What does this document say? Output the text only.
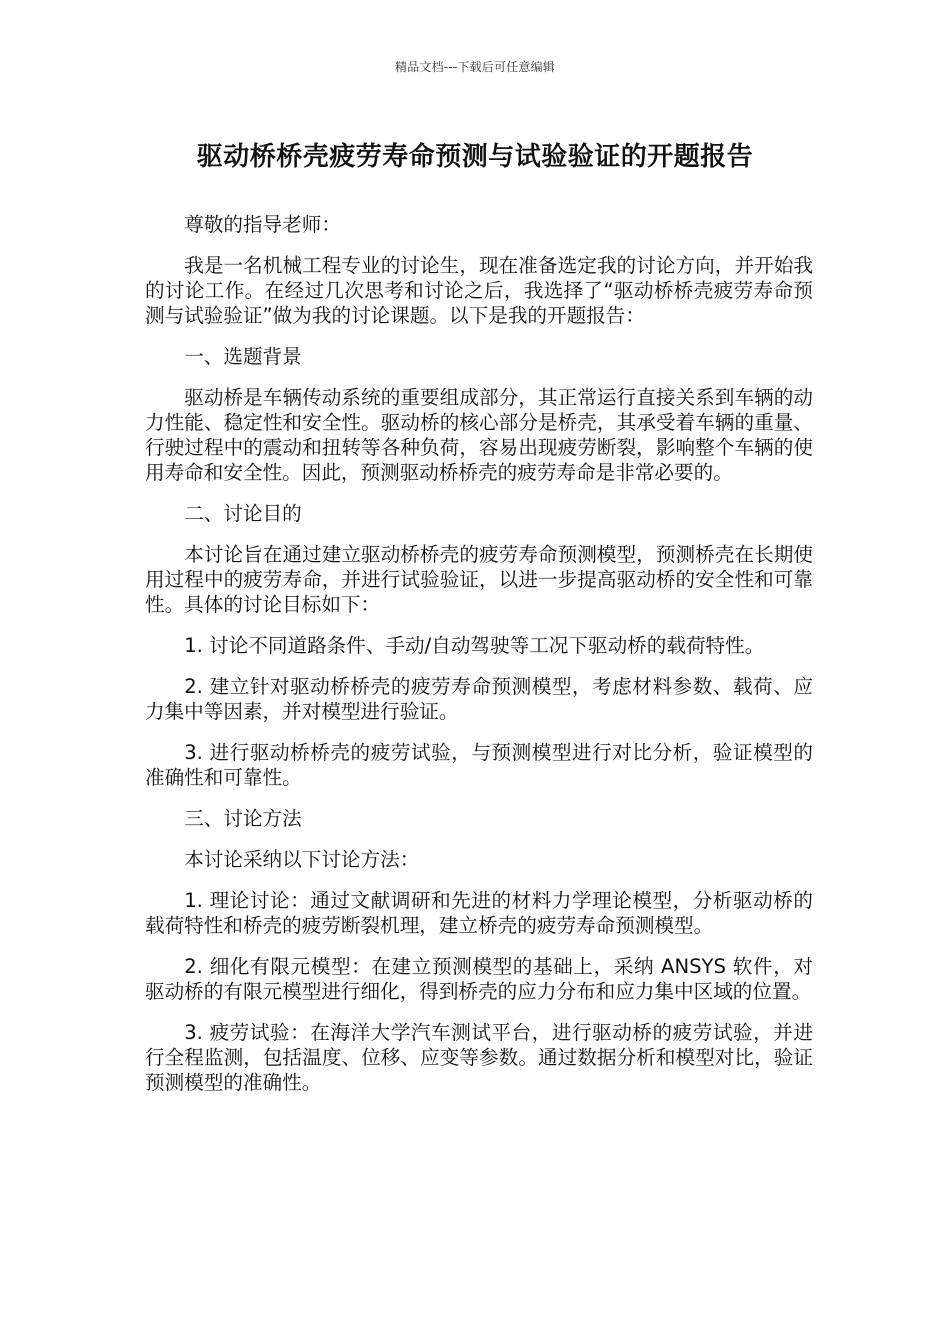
精品文档---下载后可任意编辑
驱动桥桥壳疲劳寿命预测与试验验证的开题报告

尊敬的指导老师：

我是一名机械工程专业的讨论生，现在准备选定我的讨论方向，并开始我的讨论工作。在经过几次思考和讨论之后，我选择了“驱动桥桥壳疲劳寿命预测与试验验证”做为我的讨论课题。以下是我的开题报告：

一、选题背景

驱动桥是车辆传动系统的重要组成部分，其正常运行直接关系到车辆的动力性能、稳定性和安全性。驱动桥的核心部分是桥壳，其承受着车辆的重量、行驶过程中的震动和扭转等各种负荷，容易出现疲劳断裂，影响整个车辆的使用寿命和安全性。因此，预测驱动桥桥壳的疲劳寿命是非常必要的。

二、讨论目的

本讨论旨在通过建立驱动桥桥壳的疲劳寿命预测模型，预测桥壳在长期使用过程中的疲劳寿命，并进行试验验证，以进一步提高驱动桥的安全性和可靠性。具体的讨论目标如下：

1. 讨论不同道路条件、手动/自动驾驶等工况下驱动桥的载荷特性。

2. 建立针对驱动桥桥壳的疲劳寿命预测模型，考虑材料参数、载荷、应力集中等因素，并对模型进行验证。

3. 进行驱动桥桥壳的疲劳试验，与预测模型进行对比分析，验证模型的准确性和可靠性。

三、讨论方法

本讨论采纳以下讨论方法：

1. 理论讨论：通过文献调研和先进的材料力学理论模型，分析驱动桥的载荷特性和桥壳的疲劳断裂机理，建立桥壳的疲劳寿命预测模型。

2. 细化有限元模型：在建立预测模型的基础上，采纳 ANSYS 软件，对驱动桥的有限元模型进行细化，得到桥壳的应力分布和应力集中区域的位置。

3. 疲劳试验：在海洋大学汽车测试平台，进行驱动桥的疲劳试验，并进行全程监测，包括温度、位移、应变等参数。通过数据分析和模型对比，验证预测模型的准确性。
